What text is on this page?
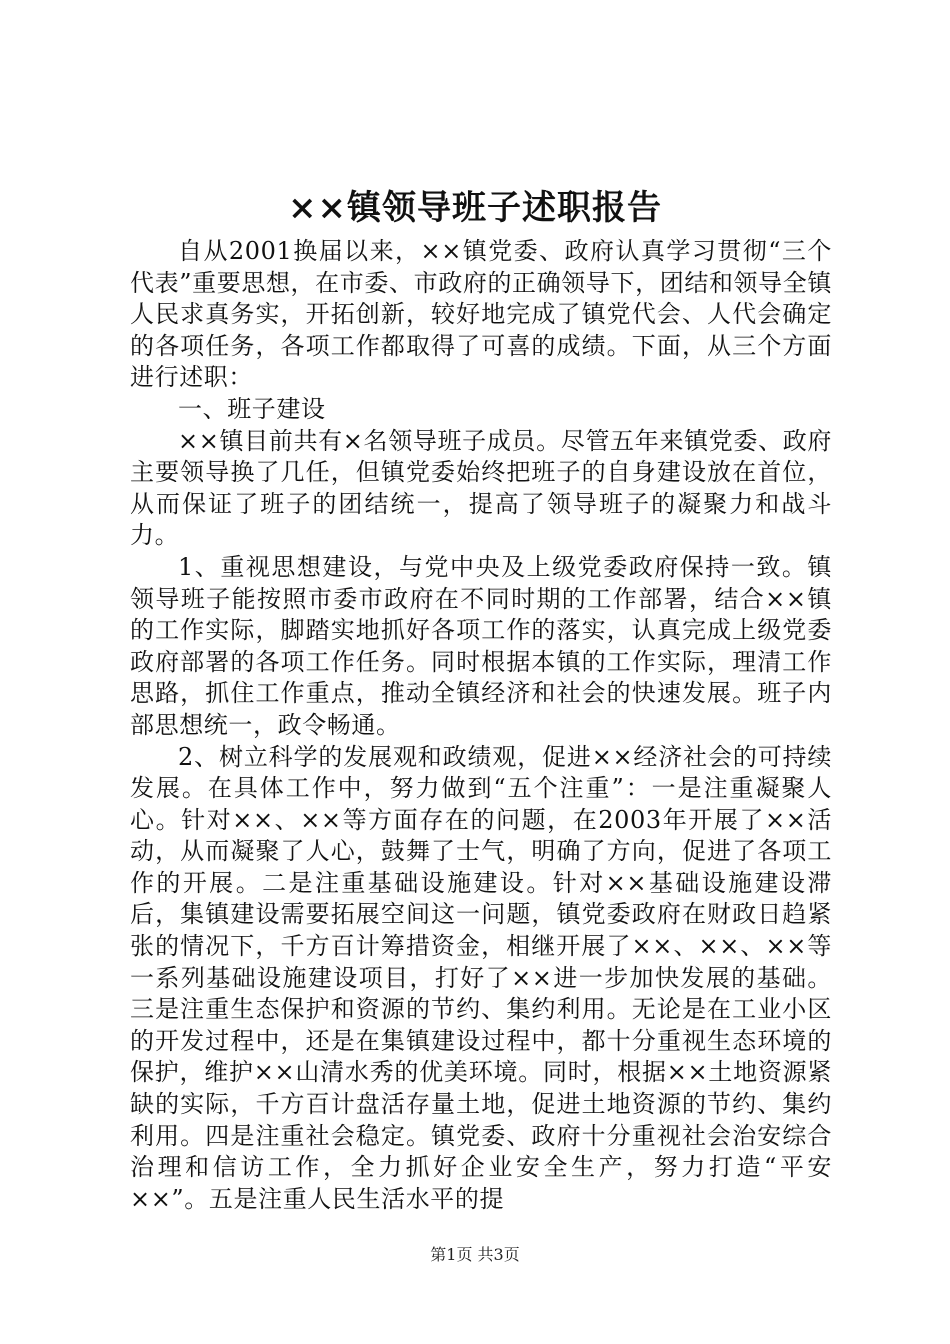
××镇领导班子述职报告

自从2001换届以来，××镇党委、政府认真学习贯彻“三个代表”重要思想，在市委、市政府的正确领导下，团结和领导全镇人民求真务实，开拓创新，较好地完成了镇党代会、人代会确定的各项任务，各项工作都取得了可喜的成绩。下面，从三个方面进行述职：

一、班子建设

××镇目前共有×名领导班子成员。尽管五年来镇党委、政府主要领导换了几任，但镇党委始终把班子的自身建设放在首位，从而保证了班子的团结统一，提高了领导班子的凝聚力和战斗力。

1、重视思想建设，与党中央及上级党委政府保持一致。镇领导班子能按照市委市政府在不同时期的工作部署，结合××镇的工作实际，脚踏实地抓好各项工作的落实，认真完成上级党委政府部署的各项工作任务。同时根据本镇的工作实际，理清工作思路，抓住工作重点，推动全镇经济和社会的快速发展。班子内部思想统一，政令畅通。

2、树立科学的发展观和政绩观，促进××经济社会的可持续发展。在具体工作中，努力做到“五个注重”：一是注重凝聚人心。针对××、××等方面存在的问题，在2003年开展了××活动，从而凝聚了人心，鼓舞了士气，明确了方向，促进了各项工作的开展。二是注重基础设施建设。针对××基础设施建设滞后，集镇建设需要拓展空间这一问题，镇党委政府在财政日趋紧张的情况下，千方百计筹措资金，相继开展了××、××、××等一系列基础设施建设项目，打好了××进一步加快发展的基础。三是注重生态保护和资源的节约、集约利用。无论是在工业小区的开发过程中，还是在集镇建设过程中，都十分重视生态环境的保护，维护××山清水秀的优美环境。同时，根据××土地资源紧缺的实际，千方百计盘活存量土地，促进土地资源的节约、集约利用。四是注重社会稳定。镇党委、政府十分重视社会治安综合治理和信访工作，全力抓好企业安全生产，努力打造“平安××”。五是注重人民生活水平的提

第1页 共3页
